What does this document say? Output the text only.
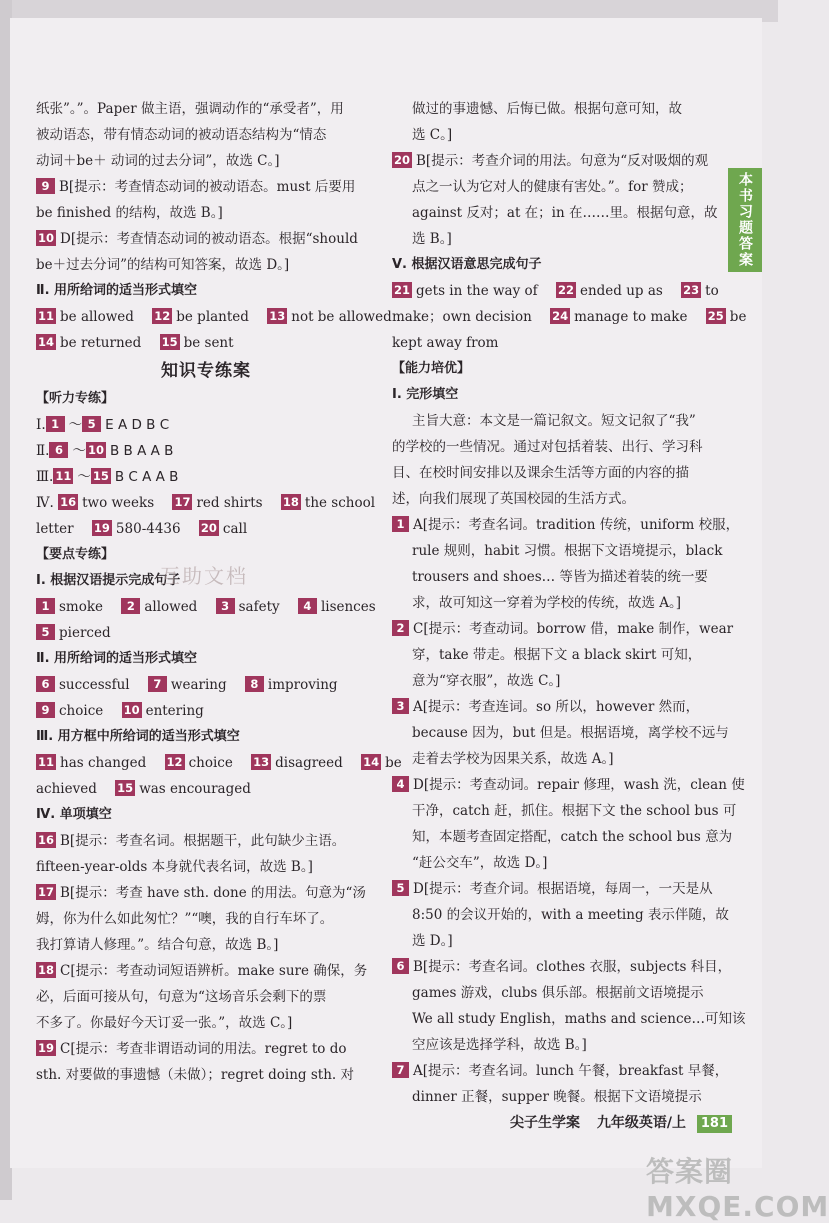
本书习题答案
纸张”。”。Paper 做主语，强调动作的“承受者”，用
被动语态，带有情态动词的被动语态结构为“情态
动词＋be＋ 动词的过去分词”，故选 C。]
9 B[提示：考查情态动词的被动语态。must 后要用
be finished 的结构，故选 B。]
10 D[提示：考查情态动词的被动语态。根据“should
be＋过去分词”的结构可知答案，故选 D。]
Ⅱ. 用所给词的适当形式填空
11 be allowed 12 be planted 13 not be allowed
14 be returned 15 be sent
知识专练案
【听力专练】
Ⅰ. 1 ～ 5 E A D B C
Ⅱ. 6 ～ 10 B B A A B
Ⅲ. 11 ～ 15 B C A A B
Ⅳ. 16 two weeks 17 red shirts 18 the school
letter 19 580-4436 20 call
【要点专练】
Ⅰ. 根据汉语提示完成句子
1 smoke 2 allowed 3 safety 4 lisences
5 pierced
Ⅱ. 用所给词的适当形式填空
6 successful 7 wearing 8 improving
9 choice 10 entering
Ⅲ. 用方框中所给词的适当形式填空
11 has changed 12 choice 13 disagreed 14 be
achieved 15 was encouraged
Ⅳ. 单项填空
16 B[提示：考查名词。根据题干，此句缺少主语。
fifteen-year-olds 本身就代表名词，故选 B。]
17 B[提示：考查 have sth. done 的用法。句意为“汤
姆，你为什么如此匆忙？”“噢，我的自行车坏了。
我打算请人修理。”。结合句意，故选 B。]
18 C[提示：考查动词短语辨析。make sure 确保，务
必，后面可接从句，句意为“这场音乐会剩下的票
不多了。你最好今天订妥一张。”，故选 C。]
19 C[提示：考查非谓语动词的用法。regret to do
sth. 对要做的事遗憾（未做）；regret doing sth. 对
做过的事遗憾、后悔已做。根据句意可知，故
选 C。]
20 B[提示：考查介词的用法。句意为“反对吸烟的观
点之一认为它对人的健康有害处。”。for 赞成；
against 反对；at 在；in 在……里。根据句意，故
选 B。]
Ⅴ. 根据汉语意思完成句子
21 gets in the way of 22 ended up as 23 to
make；own decision 24 manage to make 25 be
kept away from
【能力培优】
Ⅰ. 完形填空
主旨大意：本文是一篇记叙文。短文记叙了“我”
的学校的一些情况。通过对包括着装、出行、学习科
目、在校时间安排以及课余生活等方面的内容的描
述，向我们展现了英国校园的生活方式。
1 A[提示：考查名词。tradition 传统，uniform 校服，
rule 规则，habit 习惯。根据下文语境提示，black
trousers and shoes… 等皆为描述着装的统一要
求，故可知这一穿着为学校的传统，故选 A。]
2 C[提示：考查动词。borrow 借，make 制作，wear
穿，take 带走。根据下文 a black skirt 可知，
意为“穿衣服”，故选 C。]
3 A[提示：考查连词。so 所以，however 然而，
because 因为，but 但是。根据语境，离学校不远与
走着去学校为因果关系，故选 A。]
4 D[提示：考查动词。repair 修理，wash 洗，clean 使
干净，catch 赶，抓住。根据下文 the school bus 可
知，本题考查固定搭配，catch the school bus 意为
“赶公交车”，故选 D。]
5 D[提示：考查介词。根据语境，每周一，一天是从
8:50 的会议开始的，with a meeting 表示伴随，故
选 D。]
6 B[提示：考查名词。clothes 衣服，subjects 科目，
games 游戏，clubs 俱乐部。根据前文语境提示
We all study English，maths and science…可知该
空应该是选择学科，故选 B。]
7 A[提示：考查名词。lunch 午餐，breakfast 早餐，
dinner 正餐，supper 晚餐。根据下文语境提示
互助文档
尖子生学案 九年级英语/上 181
答案圈 MXQE.COM
